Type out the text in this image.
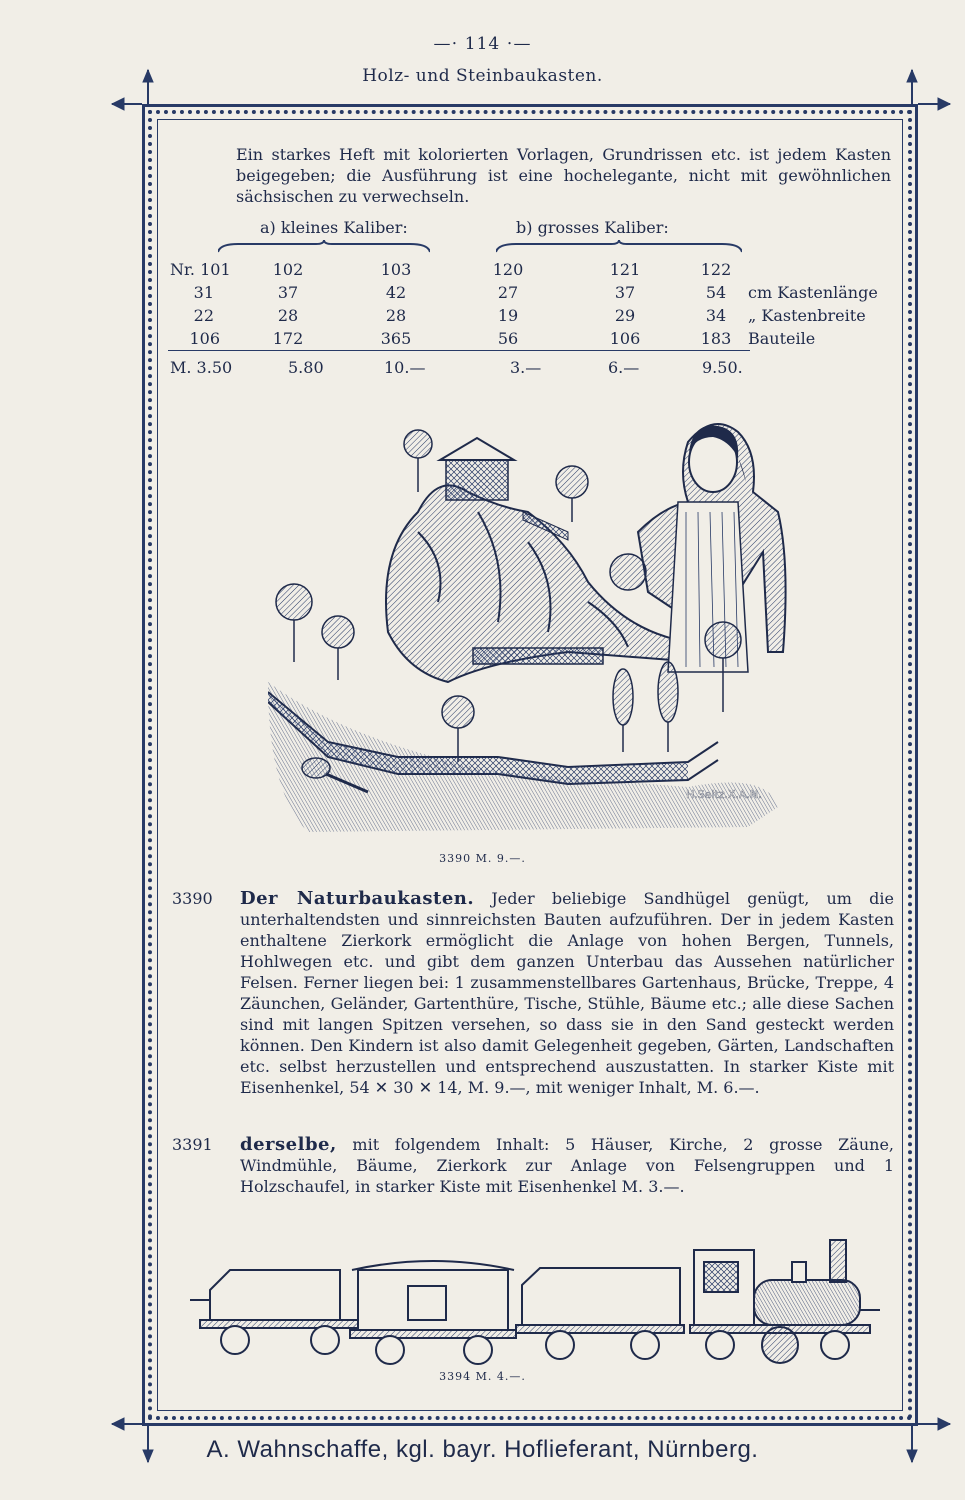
—⋅ 114 ⋅—
Holz- und Steinbaukasten.

Ein starkes Heft mit kolorierten Vorlagen, Grundrissen etc. ist jedem Kasten beigegeben; die Ausführung ist eine hochelegante, nicht mit gewöhnlichen sächsischen zu verwechseln.

a) kleines Kaliber:	b) grosses Kaliber:
Nr. 101	102	103	120	121	122	
31	37	42	27	37	54	cm Kastenlänge
22	28	28	19	29	34	„ Kastenbreite
106	172	365	56	106	183	Bauteile
M. 3.50	5.80	10.—	3.—	6.—	9.50.
H.Seitz.X.A.N.
3390 M. 9.—.
3390 Der Naturbaukasten. Jeder beliebige Sandhügel genügt, um die unterhaltendsten und sinnreichsten Bauten aufzuführen. Der in jedem Kasten enthaltene Zierkork ermöglicht die Anlage von hohen Bergen, Tunnels, Hohlwegen etc. und gibt dem ganzen Unterbau das Aussehen natürlicher Felsen. Ferner liegen bei: 1 zusammenstellbares Gartenhaus, Brücke, Treppe, 4 Zäunchen, Geländer, Gartenthüre, Tische, Stühle, Bäume etc.; alle diese Sachen sind mit langen Spitzen versehen, so dass sie in den Sand gesteckt werden können. Den Kindern ist also damit Gelegenheit gegeben, Gärten, Landschaften etc. selbst herzustellen und entsprechend auszustatten. In starker Kiste mit Eisenhenkel, 54 ✕ 30 ✕ 14, M. 9.—, mit weniger Inhalt, M. 6.—.
3391 derselbe, mit folgendem Inhalt: 5 Häuser, Kirche, 2 grosse Zäune, Windmühle, Bäume, Zierkork zur Anlage von Felsengruppen und 1 Holzschaufel, in starker Kiste mit Eisenhenkel M. 3.—.
3394 M. 4.—.
A. Wahnschaffe, kgl. bayr. Hoflieferant, Nürnberg.
